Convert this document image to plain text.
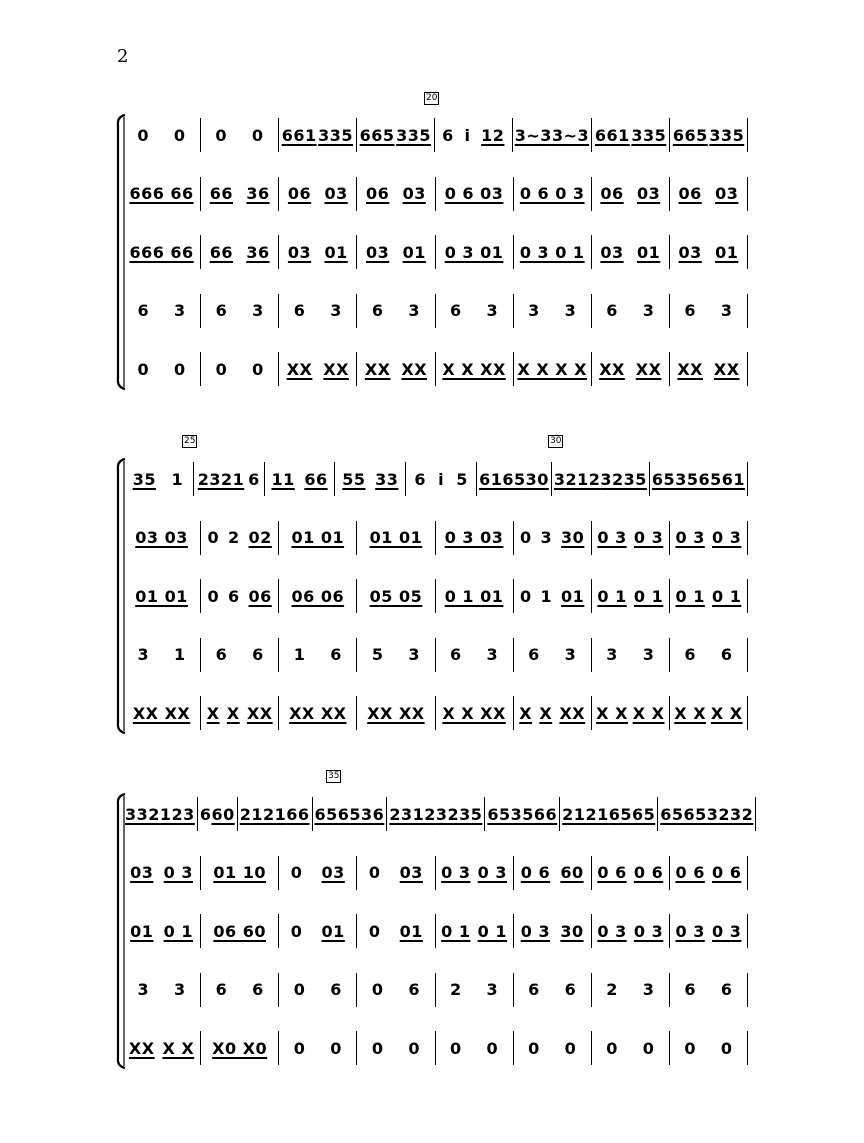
2
20
25	30
35
0 0 0 0 661 335 665 335 6 i 12 3~3 3~3 661 335 665 335
666 66 66 36 06 03 06 03 0 6 03 0 6 0 3 06 03 06 03
666 66 66 36 03 01 03 01 0 3 01 0 3 0 1 03 01 03 01
6 3 6 3 6 3 6 3 6 3 3 3 6 3 6 3
0 0 0 0 XX XX XX XX X X XX X X X X XX XX XX XX
35 1 2321 6 11 66 55 33 6 i 5 6165 30 3212 3235 6535 6561
03 03 0 2 02 01 01 01 01 0 3 03 0 3 30 0 3 0 3 0 3 0 3
01 01 0 6 06 06 06 05 05 0 1 01 0 1 01 0 1 0 1 0 1 0 1
3 1 6 6 1 6 5 3 6 3 6 3 3 3 6 6
XX XX X X XX XX XX XX XX X X XX X X XX X X X X X X X X
332 123 6 60 2121 66 6565 36 2312 3235 6535 66 2121 6565 6565 3232
03 0 3 01 10 0 03 0 03 0 3 0 3 0 6 60 0 6 0 6 0 6 0 6
01 0 1 06 60 0 01 0 01 0 1 0 1 0 3 30 0 3 0 3 0 3 0 3
3 3 6 6 0 6 0 6 2 3 6 6 2 3 6 6
XX X X X0 X0 0 0 0 0 0 0 0 0 0 0 0 0
